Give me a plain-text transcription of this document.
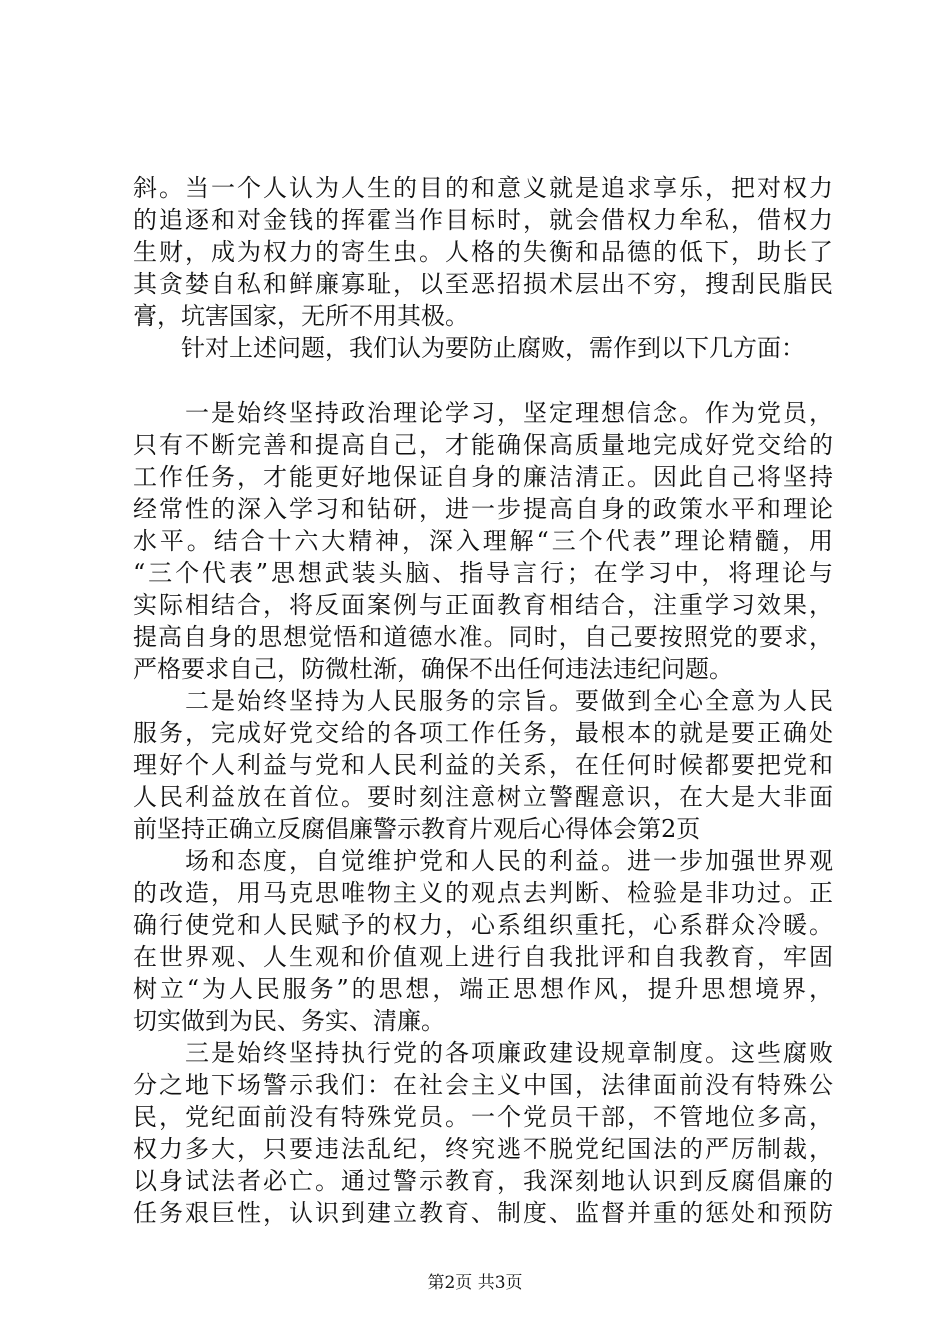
斜。当一个人认为人生的目的和意义就是追求享乐，把对权力
的追逐和对金钱的挥霍当作目标时，就会借权力牟私，借权力
生财，成为权力的寄生虫。人格的失衡和品德的低下，助长了
其贪婪自私和鲜廉寡耻，以至恶招损术层出不穷，搜刮民脂民
膏，坑害国家，无所不用其极。
　　针对上述问题，我们认为要防止腐败，需作到以下几方面：
　　一是始终坚持政治理论学习，坚定理想信念。作为党员，
只有不断完善和提高自己，才能确保高质量地完成好党交给的
工作任务，才能更好地保证自身的廉洁清正。因此自己将坚持
经常性的深入学习和钻研，进一步提高自身的政策水平和理论
水平。结合十六大精神，深入理解“三个代表”理论精髓，用
“三个代表”思想武装头脑、指导言行；在学习中，将理论与
实际相结合，将反面案例与正面教育相结合，注重学习效果，
提高自身的思想觉悟和道德水准。同时，自己要按照党的要求，
严格要求自己，防微杜渐，确保不出任何违法违纪问题。
　　二是始终坚持为人民服务的宗旨。要做到全心全意为人民
服务，完成好党交给的各项工作任务，最根本的就是要正确处
理好个人利益与党和人民利益的关系，在任何时候都要把党和
人民利益放在首位。要时刻注意树立警醒意识，在大是大非面
前坚持正确立反腐倡廉警示教育片观后心得体会第2页
　　场和态度，自觉维护党和人民的利益。进一步加强世界观
的改造，用马克思唯物主义的观点去判断、检验是非功过。正
确行使党和人民赋予的权力，心系组织重托，心系群众冷暖。
在世界观、人生观和价值观上进行自我批评和自我教育，牢固
树立“为人民服务”的思想，端正思想作风，提升思想境界，
切实做到为民、务实、清廉。
　　三是始终坚持执行党的各项廉政建设规章制度。这些腐败
分之地下场警示我们：在社会主义中国，法律面前没有特殊公
民，党纪面前没有特殊党员。一个党员干部，不管地位多高，
权力多大，只要违法乱纪，终究逃不脱党纪国法的严厉制裁，
以身试法者必亡。通过警示教育，我深刻地认识到反腐倡廉的
任务艰巨性，认识到建立教育、制度、监督并重的惩处和预防
第2页 共3页
